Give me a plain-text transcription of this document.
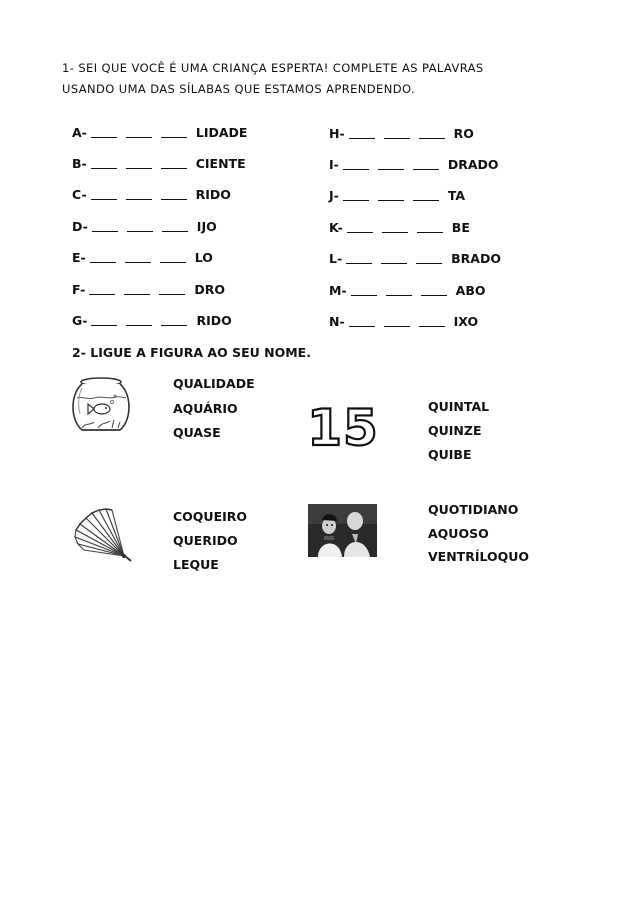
1- SEI QUE VOCÊ É UMA CRIANÇA ESPERTA! COMPLETE AS PALAVRAS
USANDO UMA DAS SÍLABAS QUE ESTAMOS APRENDENDO.
A-	LIDADE
B-	CIENTE
C-	RIDO
D-	IJO
E-	LO
F-	DRO
G-	RIDO
H-	RO
I-	DRADO
J-	TA
K-	BE
L-	BRADO
M-	ABO
N-	IXO
2- LIGUE A FIGURA AO SEU NOME.
QUALIDADE
AQUÁRIO
QUASE 15	QUINTAL
QUINZE
QUIBE
COQUEIRO
QUERIDO
LEQUE
QUOTIDIANO
AQUOSO
VENTRÍLOQUO
